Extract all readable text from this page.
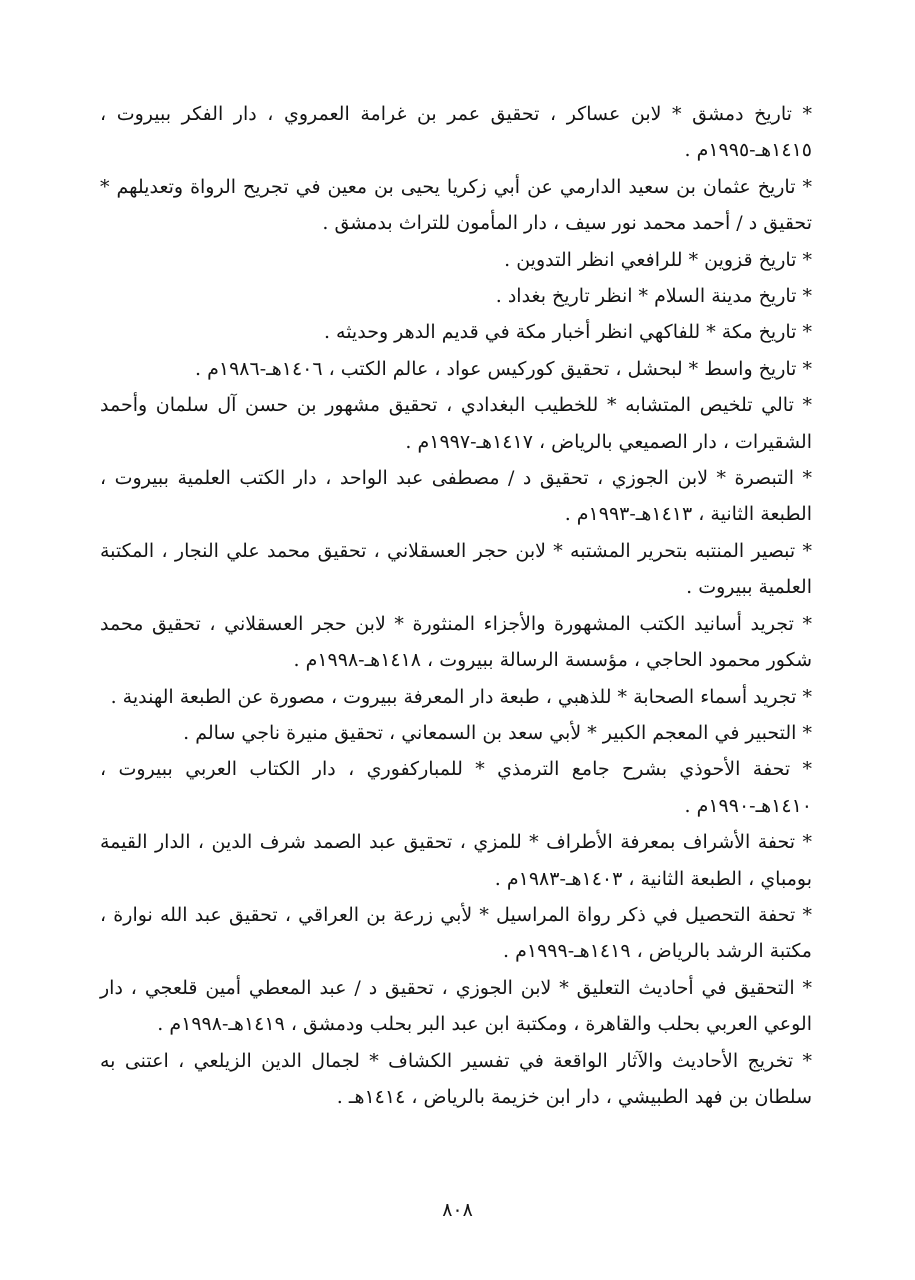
* تاريخ دمشق * لابن عساكر ، تحقيق عمر بن غرامة العمروي ، دار الفكر ببيروت ، ١٤١٥هـ-١٩٩٥م .
* تاريخ عثمان بن سعيد الدارمي عن أبي زكريا يحيى بن معين في تجريح الرواة وتعديلهم * تحقيق د / أحمد محمد نور سيف ، دار المأمون للتراث بدمشق .
* تاريخ قزوين * للرافعي انظر التدوين .
* تاريخ مدينة السلام * انظر تاريخ بغداد .
* تاريخ مكة * للفاكهي انظر أخبار مكة في قديم الدهر وحديثه .
* تاريخ واسط * لبحشل ، تحقيق كوركيس عواد ، عالم الكتب ، ١٤٠٦هـ-١٩٨٦م .
* تالي تلخيص المتشابه * للخطيب البغدادي ، تحقيق مشهور بن حسن آل سلمان وأحمد الشقيرات ، دار الصميعي بالرياض ، ١٤١٧هـ-١٩٩٧م .
* التبصرة * لابن الجوزي ، تحقيق د / مصطفى عبد الواحد ، دار الكتب العلمية ببيروت ، الطبعة الثانية ، ١٤١٣هـ-١٩٩٣م .
* تبصير المنتبه بتحرير المشتبه * لابن حجر العسقلاني ، تحقيق محمد علي النجار ، المكتبة العلمية ببيروت .
* تجريد أسانيد الكتب المشهورة والأجزاء المنثورة * لابن حجر العسقلاني ، تحقيق محمد شكور محمود الحاجي ، مؤسسة الرسالة ببيروت ، ١٤١٨هـ-١٩٩٨م .
* تجريد أسماء الصحابة * للذهبي ، طبعة دار المعرفة ببيروت ، مصورة عن الطبعة الهندية .
* التحبير في المعجم الكبير * لأبي سعد بن السمعاني ، تحقيق منيرة ناجي سالم .
* تحفة الأحوذي بشرح جامع الترمذي * للمباركفوري ، دار الكتاب العربي ببيروت ، ١٤١٠هـ-١٩٩٠م .
* تحفة الأشراف بمعرفة الأطراف * للمزي ، تحقيق عبد الصمد شرف الدين ، الدار القيمة بومباي ، الطبعة الثانية ، ١٤٠٣هـ-١٩٨٣م .
* تحفة التحصيل في ذكر رواة المراسيل * لأبي زرعة بن العراقي ، تحقيق عبد الله نوارة ، مكتبة الرشد بالرياض ، ١٤١٩هـ-١٩٩٩م .
* التحقيق في أحاديث التعليق * لابن الجوزي ، تحقيق د / عبد المعطي أمين قلعجي ، دار الوعي العربي بحلب والقاهرة ، ومكتبة ابن عبد البر بحلب ودمشق ، ١٤١٩هـ-١٩٩٨م .
* تخريج الأحاديث والآثار الواقعة في تفسير الكشاف * لجمال الدين الزيلعي ، اعتنى به سلطان بن فهد الطبيشي ، دار ابن خزيمة بالرياض ، ١٤١٤هـ .
٨٠٨
